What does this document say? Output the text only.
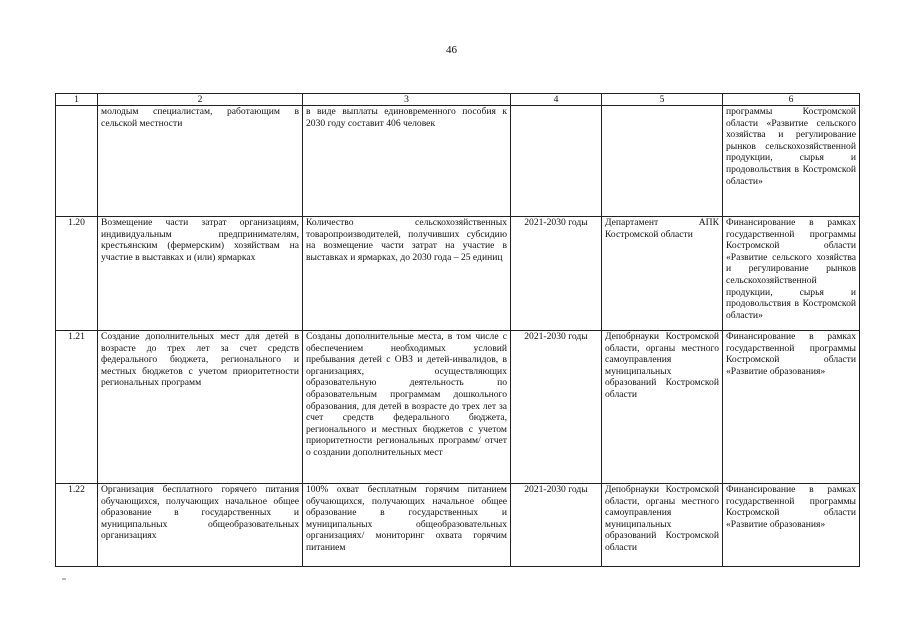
46
1	2	3	4	5	6
	молодым специалистам, работающим в сельской местности	в виде выплаты единовременного пособия к 2030 году составит 406 человек			программы Костромской области «Развитие сельского хозяйства и регулирование рынков сельскохозяйственной продукции, сырья и продовольствия в Костромской области»
1.20	Возмещение части затрат организациям, индивидуальным предпринимателям, крестьянским (фермерским) хозяйствам на участие в выставках и (или) ярмарках	Количество сельскохозяйственных товаропроизводителей, получивших субсидию на возмещение части затрат на участие в выставках и ярмарках, до 2030 года – 25 единиц	2021-2030 годы	Департамент АПК Костромской области	Финансирование в рамках государственной программы Костромской области «Развитие сельского хозяйства и регулирование рынков сельскохозяйственной продукции, сырья и продовольствия в Костромской области»
1.21	Создание дополнительных мест для детей в возрасте до трех лет за счет средств федерального бюджета, регионального и местных бюджетов с учетом приоритетности региональных программ	Созданы дополнительные места, в том числе с обеспечением необходимых условий пребывания детей с ОВЗ и детей-инвалидов, в организациях, осуществляющих образовательную деятельность по образовательным программам дошкольного образования, для детей в возрасте до трех лет за счет средств федерального бюджета, регионального и местных бюджетов с учетом приоритетности региональных программ/ отчет о создании дополнительных мест	2021-2030 годы	Депобрнауки Костромской области, органы местного самоуправления муниципальных образований Костромской области	Финансирование в рамках государственной программы Костромской области «Развитие образования»
1.22	Организация бесплатного горячего питания обучающихся, получающих начальное общее образование в государственных и муниципальных общеобразовательных организациях	100% охват бесплатным горячим питанием обучающихся, получающих начальное общее образование в государственных и муниципальных общеобразовательных организациях/ мониторинг охвата горячим питанием	2021-2030 годы	Депобрнауки Костромской области, органы местного самоуправления муниципальных образований Костромской области	Финансирование в рамках государственной программы Костромской области «Развитие образования»
